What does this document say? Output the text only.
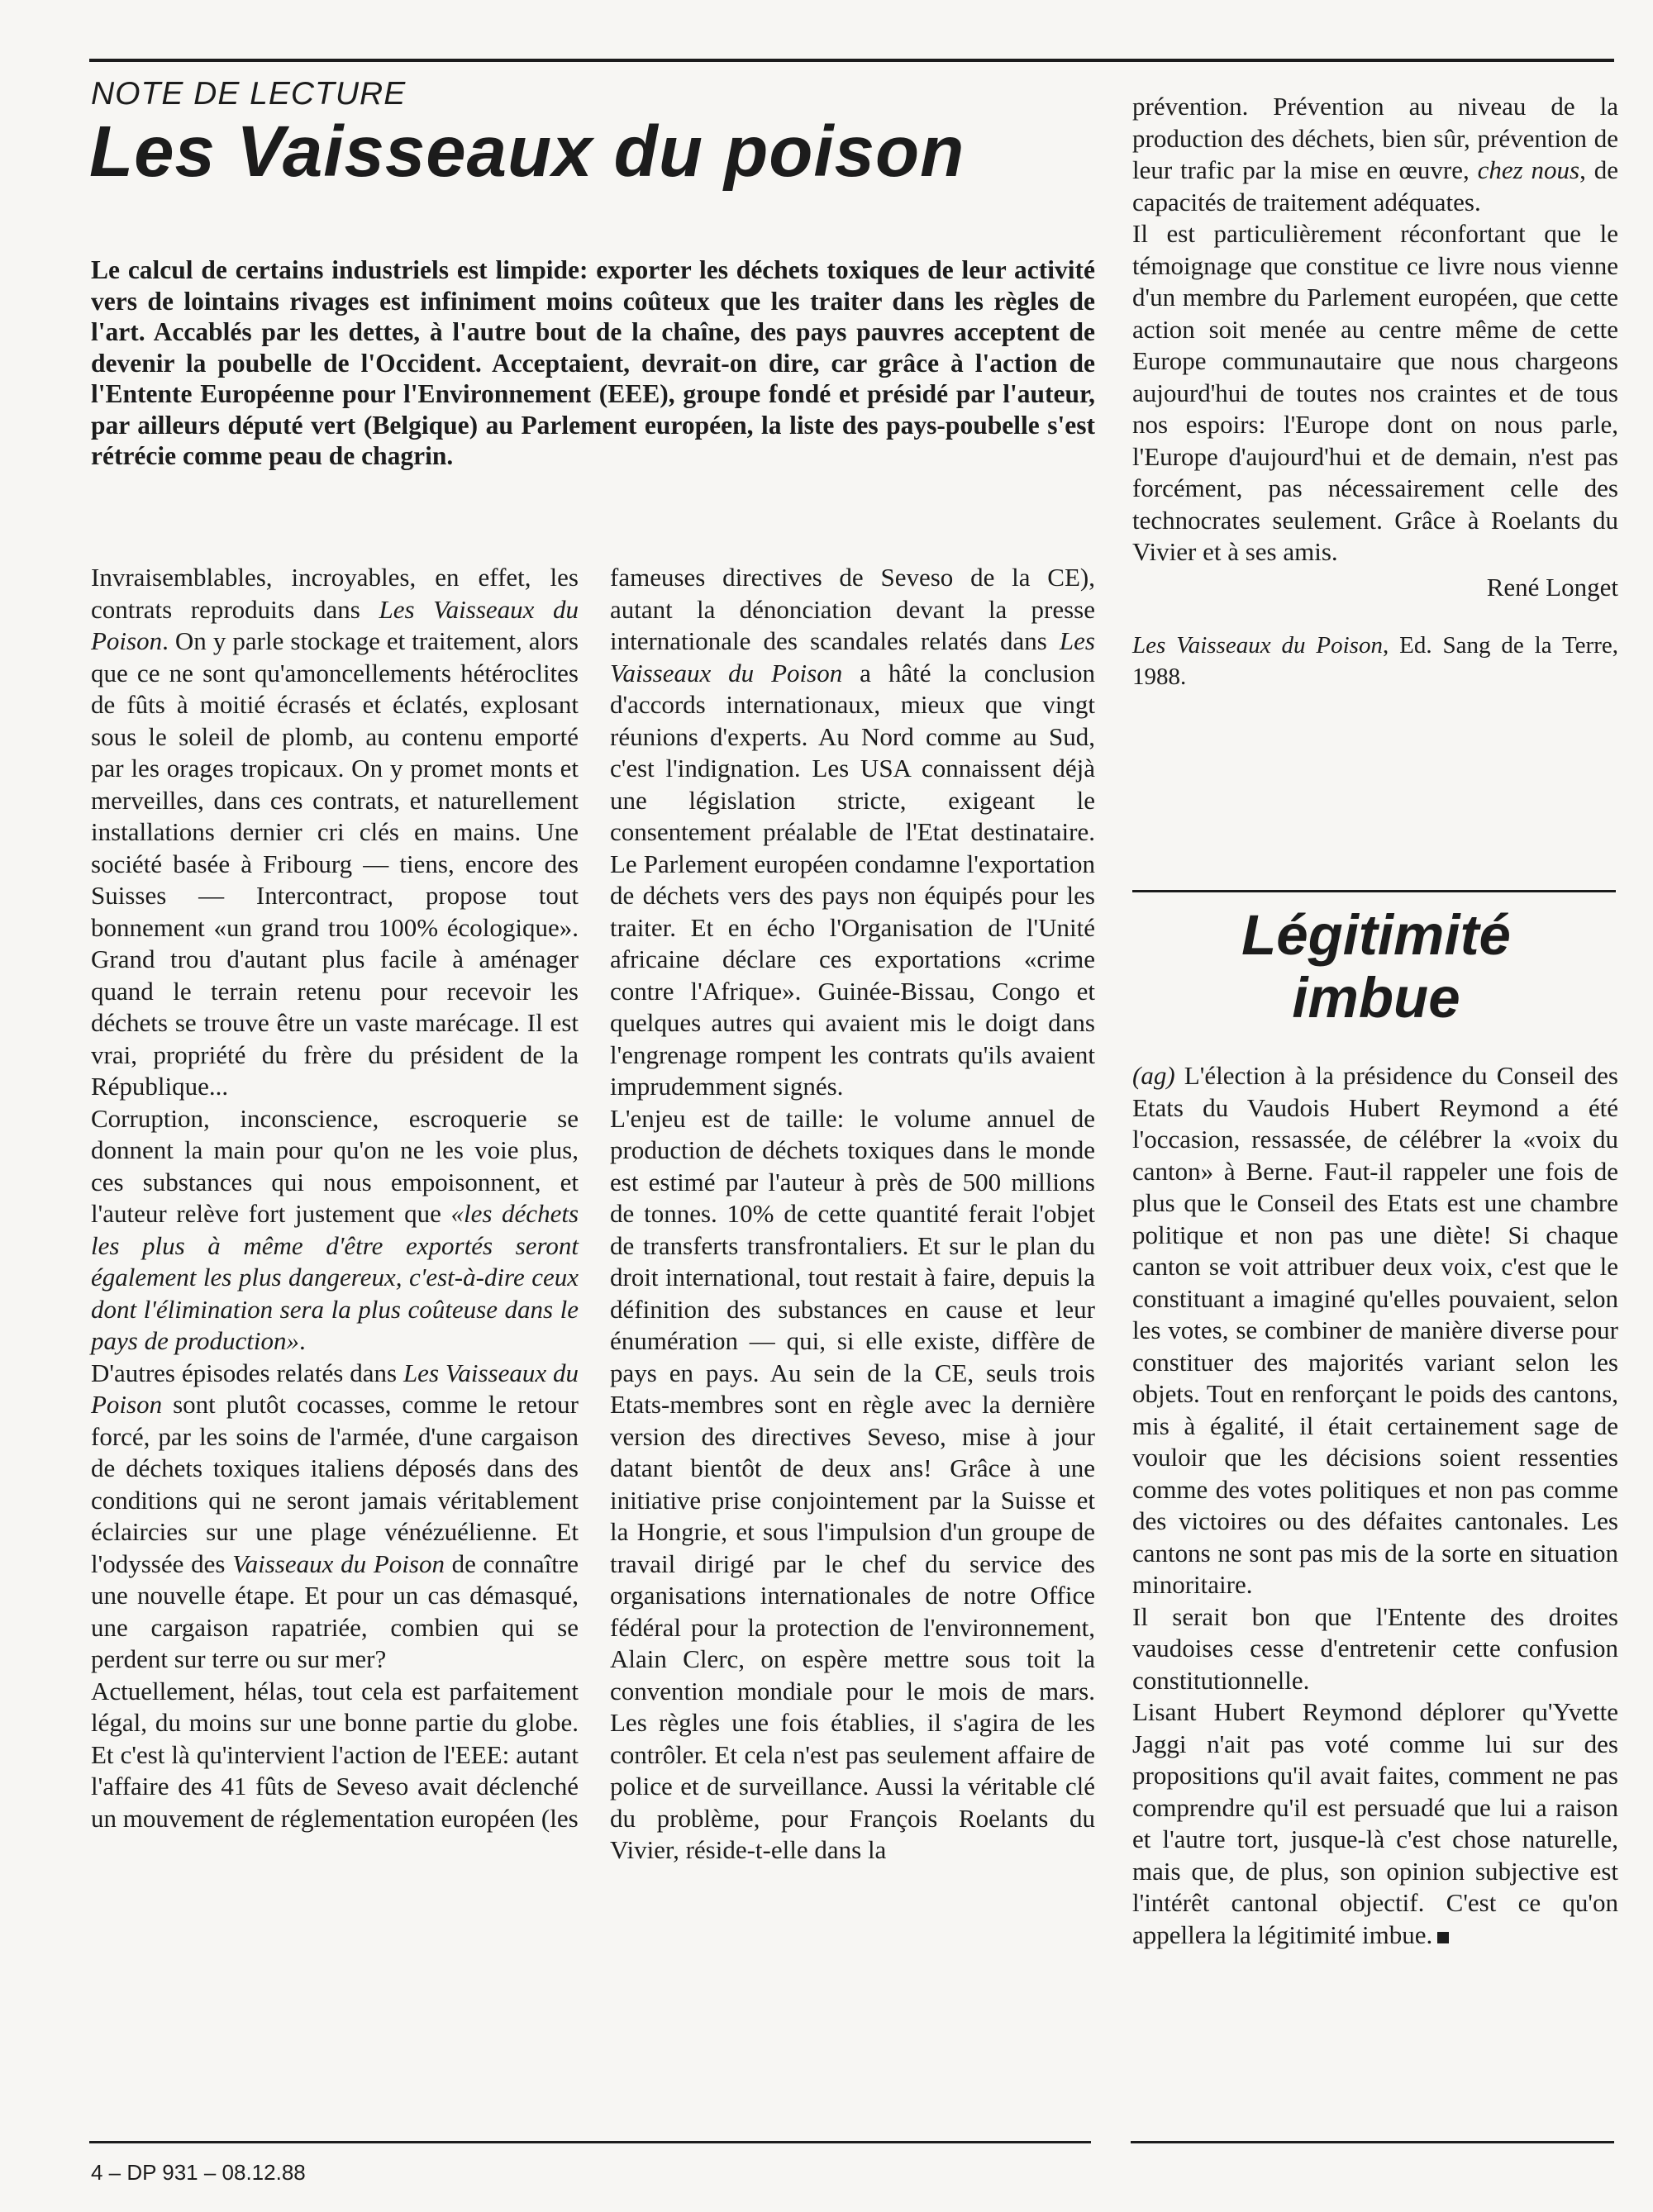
NOTE DE LECTURE
Les Vaisseaux du poison

Le calcul de certains industriels est limpide: exporter les déchets toxiques de leur activité vers de lointains rivages est infiniment moins coûteux que les traiter dans les règles de l'art. Accablés par les dettes, à l'autre bout de la chaîne, des pays pauvres acceptent de devenir la poubelle de l'Occident. Acceptaient, devrait-on dire, car grâce à l'action de l'Entente Européenne pour l'Environnement (EEE), groupe fondé et présidé par l'auteur, par ailleurs député vert (Belgique) au Parlement européen, la liste des pays-poubelle s'est rétrécie comme peau de chagrin.

Invraisemblables, incroyables, en effet, les contrats reproduits dans Les Vaisseaux du Poison. On y parle stockage et traitement, alors que ce ne sont qu'amoncellements hétéroclites de fûts à moitié écrasés et éclatés, explosant sous le soleil de plomb, au contenu emporté par les orages tropicaux. On y promet monts et merveilles, dans ces contrats, et naturellement installations dernier cri clés en mains. Une société basée à Fribourg — tiens, encore des Suisses — Intercontract, propose tout bonnement «un grand trou 100% écologique». Grand trou d'autant plus facile à aménager quand le terrain retenu pour recevoir les déchets se trouve être un vaste marécage. Il est vrai, propriété du frère du président de la République...

Corruption, inconscience, escroquerie se donnent la main pour qu'on ne les voie plus, ces substances qui nous empoisonnent, et l'auteur relève fort justement que «les déchets les plus à même d'être exportés seront également les plus dangereux, c'est-à-dire ceux dont l'élimination sera la plus coûteuse dans le pays de production».

D'autres épisodes relatés dans Les Vaisseaux du Poison sont plutôt cocasses, comme le retour forcé, par les soins de l'armée, d'une cargaison de déchets toxiques italiens déposés dans des conditions qui ne seront jamais véritablement éclaircies sur une plage vénézuélienne. Et l'odyssée des Vaisseaux du Poison de connaître une nouvelle étape. Et pour un cas démasqué, une cargaison rapatriée, combien qui se perdent sur terre ou sur mer?

Actuellement, hélas, tout cela est parfaitement légal, du moins sur une bonne partie du globe. Et c'est là qu'intervient l'action de l'EEE: autant l'affaire des 41 fûts de Seveso avait déclenché un mouvement de réglementation européen (les

fameuses directives de Seveso de la CE), autant la dénonciation devant la presse internationale des scandales relatés dans Les Vaisseaux du Poison a hâté la conclusion d'accords internationaux, mieux que vingt réunions d'experts. Au Nord comme au Sud, c'est l'indignation. Les USA connaissent déjà une législation stricte, exigeant le consentement préalable de l'Etat destinataire. Le Parlement européen condamne l'exportation de déchets vers des pays non équipés pour les traiter. Et en écho l'Organisation de l'Unité africaine déclare ces exportations «crime contre l'Afrique». Guinée-Bissau, Congo et quelques autres qui avaient mis le doigt dans l'engrenage rompent les contrats qu'ils avaient imprudemment signés.

L'enjeu est de taille: le volume annuel de production de déchets toxiques dans le monde est estimé par l'auteur à près de 500 millions de tonnes. 10% de cette quantité ferait l'objet de transferts transfrontaliers. Et sur le plan du droit international, tout restait à faire, depuis la définition des substances en cause et leur énumération — qui, si elle existe, diffère de pays en pays. Au sein de la CE, seuls trois Etats-membres sont en règle avec la dernière version des directives Seveso, mise à jour datant bientôt de deux ans! Grâce à une initiative prise conjointement par la Suisse et la Hongrie, et sous l'impulsion d'un groupe de travail dirigé par le chef du service des organisations internationales de notre Office fédéral pour la protection de l'environnement, Alain Clerc, on espère mettre sous toit la convention mondiale pour le mois de mars. Les règles une fois établies, il s'agira de les contrôler. Et cela n'est pas seulement affaire de police et de surveillance. Aussi la véritable clé du problème, pour François Roelants du Vivier, réside-t-elle dans la

prévention. Prévention au niveau de la production des déchets, bien sûr, prévention de leur trafic par la mise en œuvre, chez nous, de capacités de traitement adéquates.

Il est particulièrement réconfortant que le témoignage que constitue ce livre nous vienne d'un membre du Parlement européen, que cette action soit menée au centre même de cette Europe communautaire que nous chargeons aujourd'hui de toutes nos craintes et de tous nos espoirs: l'Europe dont on nous parle, l'Europe d'aujourd'hui et de demain, n'est pas forcément, pas nécessairement celle des technocrates seulement. Grâce à Roelants du Vivier et à ses amis.

René Longet

Les Vaisseaux du Poison, Ed. Sang de la Terre, 1988.

Légitimité
imbue

(ag) L'élection à la présidence du Conseil des Etats du Vaudois Hubert Reymond a été l'occasion, ressassée, de célébrer la «voix du canton» à Berne. Faut-il rappeler une fois de plus que le Conseil des Etats est une chambre politique et non pas une diète! Si chaque canton se voit attribuer deux voix, c'est que le constituant a imaginé qu'elles pouvaient, selon les votes, se combiner de manière diverse pour constituer des majorités variant selon les objets. Tout en renforçant le poids des cantons, mis à égalité, il était certainement sage de vouloir que les décisions soient ressenties comme des votes politiques et non pas comme des victoires ou des défaites cantonales. Les cantons ne sont pas mis de la sorte en situation minoritaire.

Il serait bon que l'Entente des droites vaudoises cesse d'entretenir cette confusion constitutionnelle.

Lisant Hubert Reymond déplorer qu'Yvette Jaggi n'ait pas voté comme lui sur des propositions qu'il avait faites, comment ne pas comprendre qu'il est persuadé que lui a raison et l'autre tort, jusque-là c'est chose naturelle, mais que, de plus, son opinion subjective est l'intérêt cantonal objectif. C'est ce qu'on appellera la légitimité imbue.

4 – DP 931 – 08.12.88
